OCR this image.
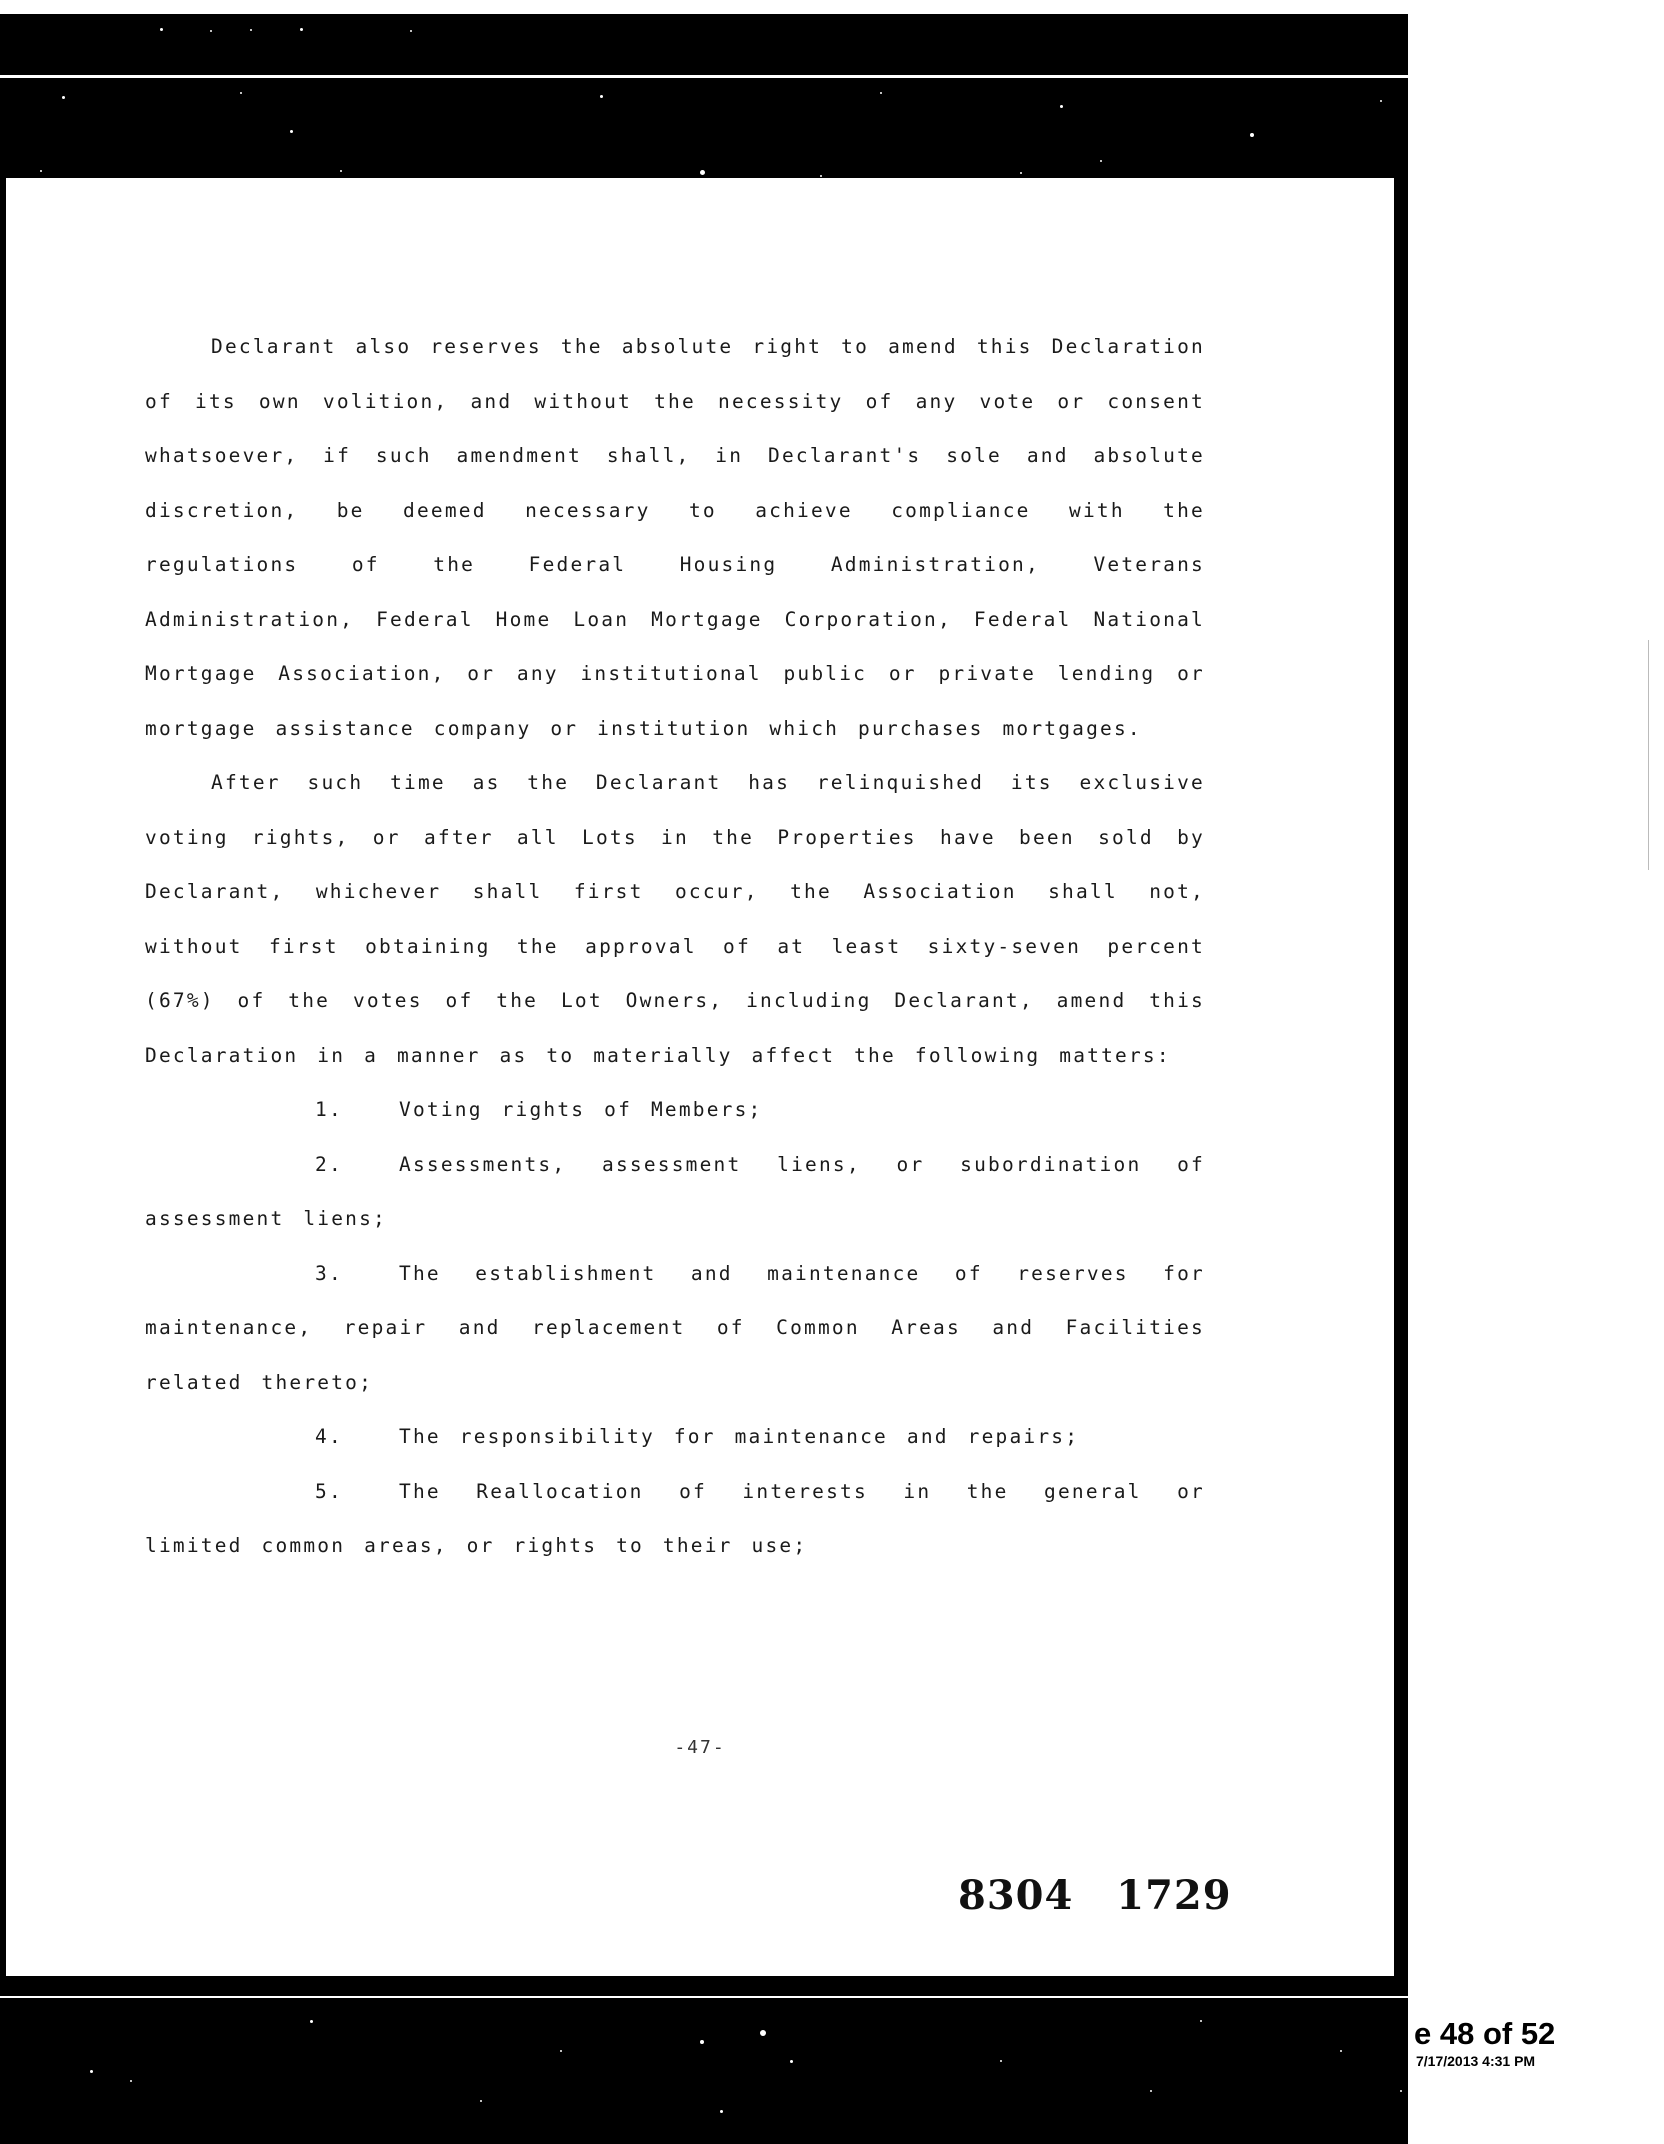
Declarant also reserves the absolute right to amend this Declaration of its own volition, and without the necessity of any vote or consent whatsoever, if such amendment shall, in Declarant's sole and absolute discretion, be deemed necessary to achieve compliance with the regulations of the Federal Housing Administration, Veterans Administration, Federal Home Loan Mortgage Corporation, Federal National Mortgage Association, or any institutional public or private lending or mortgage assistance company or institution which purchases mortgages.

After such time as the Declarant has relinquished its exclusive voting rights, or after all Lots in the Properties have been sold by Declarant, whichever shall first occur, the Association shall not, without first obtaining the approval of at least sixty-seven percent (67%) of the votes of the Lot Owners, including Declarant, amend this Declaration in a manner as to materially affect the following matters:

1.	Voting rights of Members;

2.	Assessments, assessment liens, or subordination of assessment liens;

3.	The establishment and maintenance of reserves for maintenance, repair and replacement of Common Areas and Facilities related thereto;

4.	The responsibility for maintenance and repairs;

5.	The Reallocation of interests in the general or limited common areas, or rights to their use;

-47-
8304 1729
e 48 of 52
7/17/2013 4:31 PM
